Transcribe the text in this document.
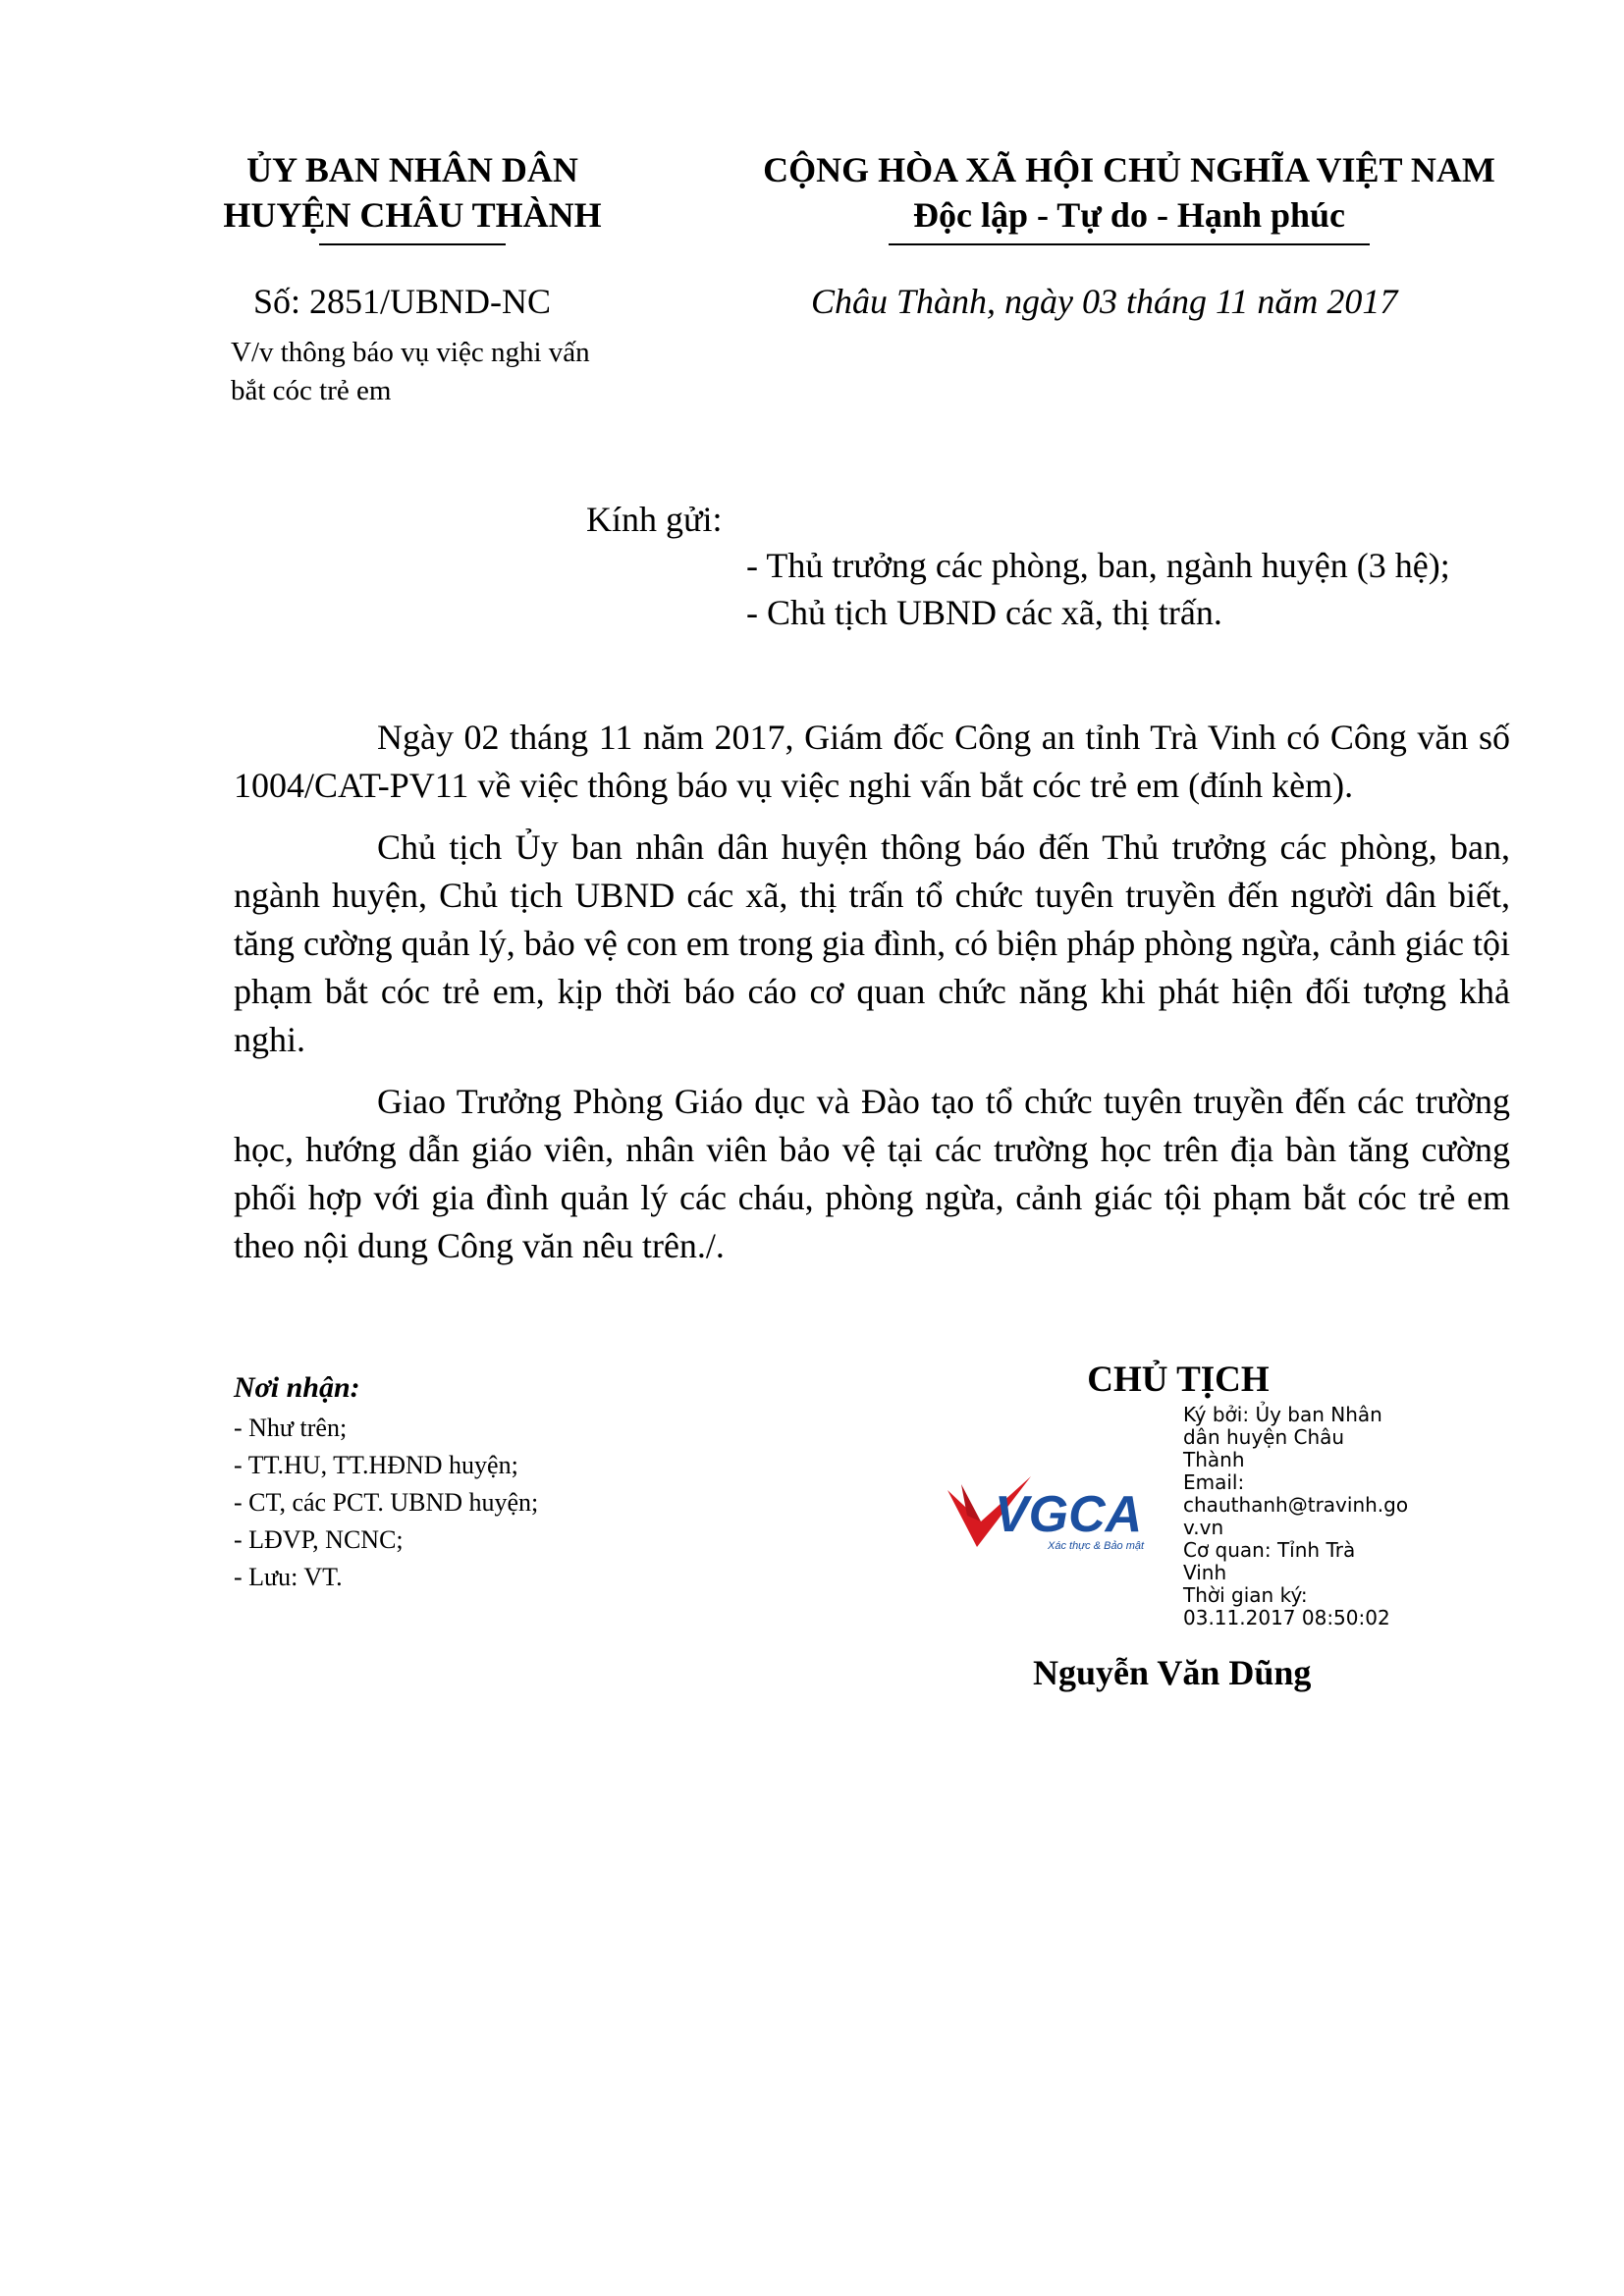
ỦY BAN NHÂN DÂN
HUYỆN CHÂU THÀNH
CỘNG HÒA XÃ HỘI CHỦ NGHĨA VIỆT NAM
Độc lập - Tự do - Hạnh phúc
Số: 2851/UBND-NC	Châu Thành, ngày 03 tháng 11 năm 2017
V/v thông báo vụ việc nghi vấn
bắt cóc trẻ em
Kính gửi:
- Thủ trưởng các phòng, ban, ngành huyện (3 hệ);
- Chủ tịch UBND các xã, thị trấn.

Ngày 02 tháng 11 năm 2017, Giám đốc Công an tỉnh Trà Vinh có Công văn số 1004/CAT-PV11 về việc thông báo vụ việc nghi vấn bắt cóc trẻ em (đính kèm).

Chủ tịch Ủy ban nhân dân huyện thông báo đến Thủ trưởng các phòng, ban, ngành huyện, Chủ tịch UBND các xã, thị trấn tổ chức tuyên truyền đến người dân biết, tăng cường quản lý, bảo vệ con em trong gia đình, có biện pháp phòng ngừa, cảnh giác tội phạm bắt cóc trẻ em, kịp thời báo cáo cơ quan chức năng khi phát hiện đối tượng khả nghi.

Giao Trưởng Phòng Giáo dục và Đào tạo tổ chức tuyên truyền đến các trường học, hướng dẫn giáo viên, nhân viên bảo vệ tại các trường học trên địa bàn tăng cường phối hợp với gia đình quản lý các cháu, phòng ngừa, cảnh giác tội phạm bắt cóc trẻ em theo nội dung Công văn nêu trên./.

Nơi nhận:
- Như trên;
- TT.HU, TT.HĐND huyện;
- CT, các PCT. UBND huyện;
- LĐVP, NCNC;
- Lưu: VT.
CHỦ TỊCH
VGCA
Xác thực & Bảo mật
Ký bởi: Ủy ban Nhân
dân huyện Châu
Thành
Email:
chauthanh@travinh.go
v.vn
Cơ quan: Tỉnh Trà
Vinh
Thời gian ký:
03.11.2017 08:50:02
Nguyễn Văn Dũng
